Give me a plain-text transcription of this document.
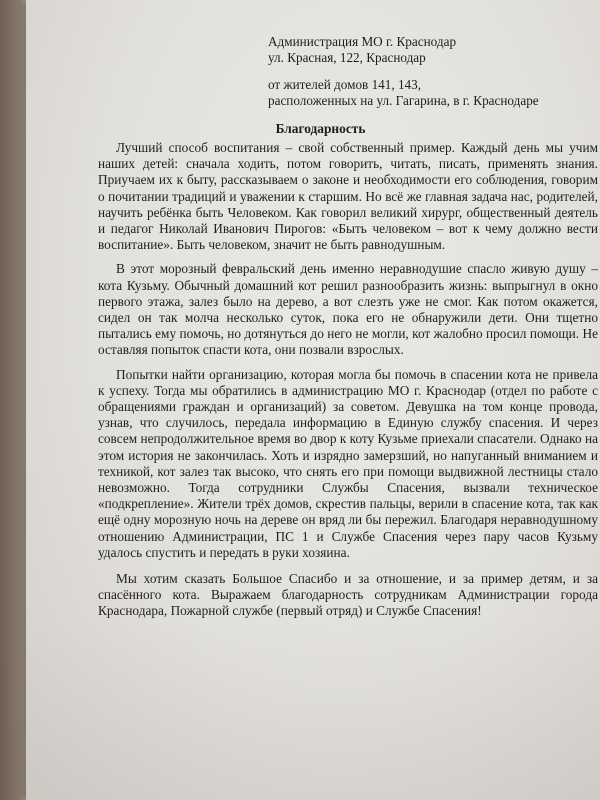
Администрация МО г. Краснодар

ул. Красная, 122, Краснодар

от жителей домов 141, 143,

расположенных на ул. Гагарина, в г. Краснодаре

Благодарность

Лучший способ воспитания – свой собственный пример. Каждый день мы учим наших детей: сначала ходить, потом говорить, читать, писать, применять знания. Приучаем их к быту, рассказываем о законе и необходимости его соблюдения, говорим о почитании традиций и уважении к старшим. Но всё же главная задача нас, родителей, научить ребёнка быть Человеком. Как говорил великий хирург, общественный деятель и педагог Николай Иванович Пирогов: «Быть человеком – вот к чему должно вести воспитание». Быть человеком, значит не быть равнодушным.

В этот морозный февральский день именно неравнодушие спасло живую душу – кота Кузьму. Обычный домашний кот решил разнообразить жизнь: выпрыгнул в окно первого этажа, залез было на дерево, а вот слезть уже не смог. Как потом окажется, сидел он так молча несколько суток, пока его не обнаружили дети. Они тщетно пытались ему помочь, но дотянуться до него не могли, кот жалобно просил помощи. Не оставляя попыток спасти кота, они позвали взрослых.

Попытки найти организацию, которая могла бы помочь в спасении кота не привела к успеху. Тогда мы обратились в администрацию МО г. Краснодар (отдел по работе с обращениями граждан и организаций) за советом. Девушка на том конце провода, узнав, что случилось, передала информацию в Единую службу спасения. И через совсем непродолжительное время во двор к коту Кузьме приехали спасатели. Однако на этом история не закончилась. Хоть и изрядно замерзший, но напуганный вниманием и техникой, кот залез так высоко, что снять его при помощи выдвижной лестницы стало невозможно. Тогда сотрудники Службы Спасения, вызвали техническое «подкрепление». Жители трёх домов, скрестив пальцы, верили в спасение кота, так как ещё одну морозную ночь на дереве он вряд ли бы пережил. Благодаря неравнодушному отношению Администрации, ПС 1 и Службе Спасения через пару часов Кузьму удалось спустить и передать в руки хозяина.

Мы хотим сказать Большое Спасибо и за отношение, и за пример детям, и за спасённого кота. Выражаем благодарность сотрудникам Администрации города Краснодара, Пожарной службе (первый отряд) и Службе Спасения!
